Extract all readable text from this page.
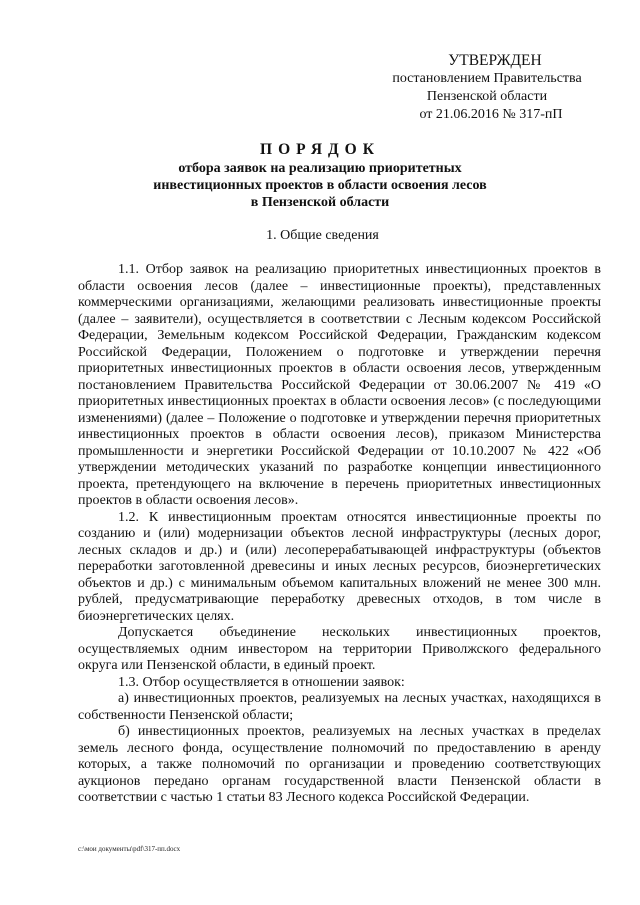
УТВЕРЖДЕН
постановлением Правительства
Пензенской области
от 21.06.2016 № 317-пП
ПОРЯДОК
отбора заявок на реализацию приоритетных
инвестиционных проектов в области освоения лесов
в Пензенской области
1. Общие сведения

1.1. Отбор заявок на реализацию приоритетных инвестиционных проектов в области освоения лесов (далее – инвестиционные проекты), представленных коммерческими организациями, желающими реализовать инвестиционные проекты (далее – заявители), осуществляется в соответствии с Лесным кодексом Российской Федерации, Земельным кодексом Российской Федерации, Гражданским кодексом Российской Федерации, Положением о подготовке и утверждении перечня приоритетных инвестиционных проектов в области освоения лесов, утвержденным постановлением Правительства Российской Федерации от 30.06.2007 № 419 «О приоритетных инвестиционных проектах в области освоения лесов» (с последующими изменениями) (далее – Положение о подготовке и утверждении перечня приоритетных инвестиционных проектов в области освоения лесов), приказом Министерства промышленности и энергетики Российской Федерации от 10.10.2007 № 422 «Об утверждении методических указаний по разработке концепции инвестиционного проекта, претендующего на включение в перечень приоритетных инвестиционных проектов в области освоения лесов».

1.2. К инвестиционным проектам относятся инвестиционные проекты по созданию и (или) модернизации объектов лесной инфраструктуры (лесных дорог, лесных складов и др.) и (или) лесоперерабатывающей инфраструктуры (объектов переработки заготовленной древесины и иных лесных ресурсов, биоэнергетических объектов и др.) с минимальным объемом капитальных вложений не менее 300 млн. рублей, предусматривающие переработку древесных отходов, в том числе в биоэнергетических целях.

Допускается объединение нескольких инвестиционных проектов, осуществляемых одним инвестором на территории Приволжского федерального округа или Пензенской области, в единый проект.

1.3. Отбор осуществляется в отношении заявок:

а) инвестиционных проектов, реализуемых на лесных участках, находящихся в собственности Пензенской области;

б) инвестиционных проектов, реализуемых на лесных участках в пределах земель лесного фонда, осуществление полномочий по предоставлению в аренду которых, а также полномочий по организации и проведению соответствующих аукционов передано органам государственной власти Пензенской области в соответствии с частью 1 статьи 83 Лесного кодекса Российской Федерации.

c:\мои документы\pdf\317-пп.docx
